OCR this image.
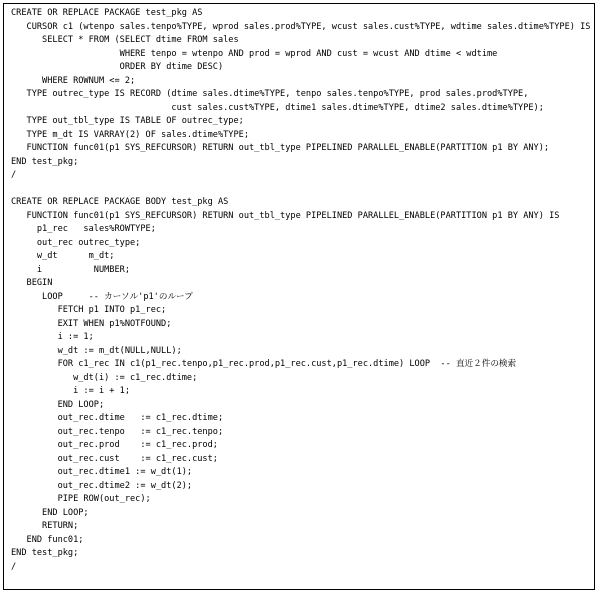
CREATE OR REPLACE PACKAGE test_pkg AS
CURSOR c1 (wtenpo sales.tenpo%TYPE, wprod sales.prod%TYPE, wcust sales.cust%TYPE, wdtime sales.dtime%TYPE) IS
SELECT * FROM (SELECT dtime FROM sales
WHERE tenpo = wtenpo AND prod = wprod AND cust = wcust AND dtime < wdtime
ORDER BY dtime DESC)
WHERE ROWNUM <= 2;
TYPE outrec_type IS RECORD (dtime sales.dtime%TYPE, tenpo sales.tenpo%TYPE, prod sales.prod%TYPE,
cust sales.cust%TYPE, dtime1 sales.dtime%TYPE, dtime2 sales.dtime%TYPE);
TYPE out_tbl_type IS TABLE OF outrec_type;
TYPE m_dt IS VARRAY(2) OF sales.dtime%TYPE;
FUNCTION func01(p1 SYS_REFCURSOR) RETURN out_tbl_type PIPELINED PARALLEL_ENABLE(PARTITION p1 BY ANY);
END test_pkg;
/
CREATE OR REPLACE PACKAGE BODY test_pkg AS
FUNCTION func01(p1 SYS_REFCURSOR) RETURN out_tbl_type PIPELINED PARALLEL_ENABLE(PARTITION p1 BY ANY) IS
p1_rec   sales%ROWTYPE;
out_rec outrec_type;
w_dt      m_dt;
i          NUMBER;
BEGIN
LOOP     -- カーソル'p1'のループ
FETCH p1 INTO p1_rec;
EXIT WHEN p1%NOTFOUND;
i := 1;
w_dt := m_dt(NULL,NULL);
FOR c1_rec IN c1(p1_rec.tenpo,p1_rec.prod,p1_rec.cust,p1_rec.dtime) LOOP  -- 直近２件の検索
w_dt(i) := c1_rec.dtime;
i := i + 1;
END LOOP;
out_rec.dtime   := c1_rec.dtime;
out_rec.tenpo   := c1_rec.tenpo;
out_rec.prod    := c1_rec.prod;
out_rec.cust    := c1_rec.cust;
out_rec.dtime1 := w_dt(1);
out_rec.dtime2 := w_dt(2);
PIPE ROW(out_rec);
END LOOP;
RETURN;
END func01;
END test_pkg;
/
